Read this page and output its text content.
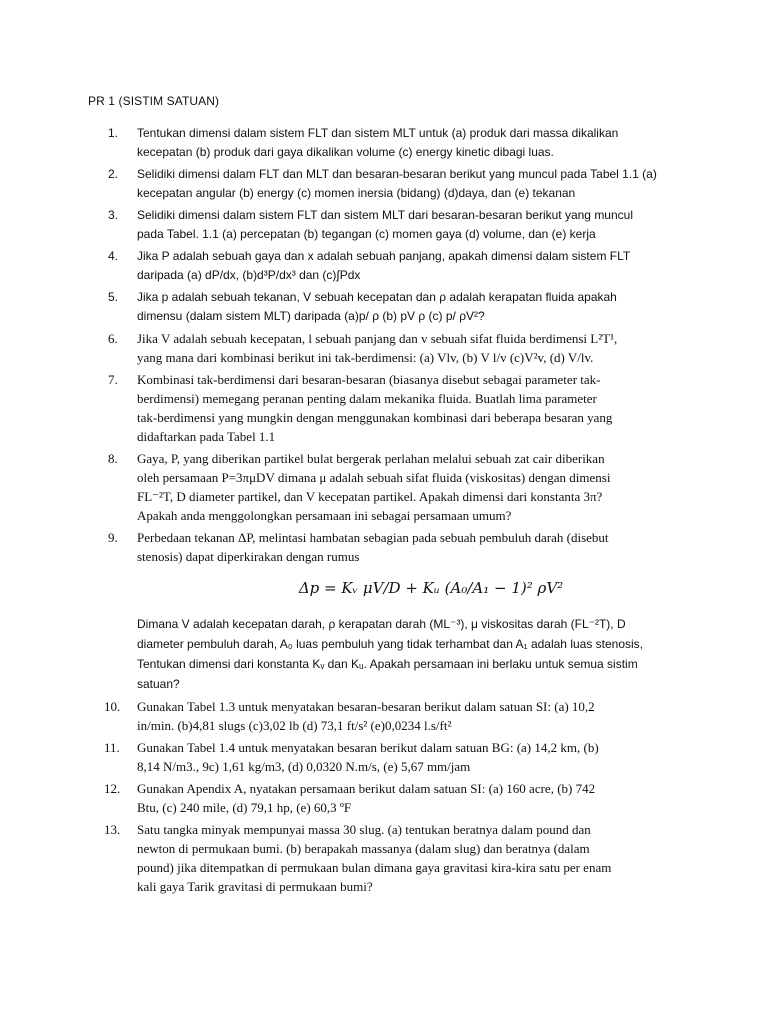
PR 1 (SISTIM SATUAN)
1.	Tentukan dimensi dalam sistem FLT dan sistem MLT untuk (a) produk dari massa dikalikan
kecepatan (b) produk dari gaya dikalikan volume (c) energy kinetic dibagi luas.
2.	Selidiki dimensi dalam FLT dan MLT dan besaran-besaran berikut yang muncul pada Tabel 1.1 (a)
kecepatan angular (b) energy (c) momen inersia (bidang) (d)daya, dan (e) tekanan
3.	Selidiki dimensi dalam sistem FLT dan sistem MLT dari besaran-besaran berikut yang muncul
pada Tabel. 1.1 (a) percepatan (b) tegangan (c) momen gaya (d) volume, dan (e) kerja
4.	Jika P adalah sebuah gaya dan x adalah sebuah panjang, apakah dimensi dalam sistem FLT
daripada (a) dP/dx, (b)d³P/dx³ dan (c)∫Pdx
5.	Jika p adalah sebuah tekanan, V sebuah kecepatan dan ρ adalah kerapatan fluida apakah
dimensu (dalam sistem MLT) daripada (a)p/ ρ (b) pV ρ (c) p/ ρV²?
6.	Jika V adalah sebuah kecepatan, l sebuah panjang dan v sebuah sifat fluida berdimensi L²T¹,
yang mana dari kombinasi berikut ini tak-berdimensi: (a) Vlv, (b) V l/v (c)V²v, (d) V/lv.
7.	Kombinasi tak-berdimensi dari besaran-besaran (biasanya disebut sebagai parameter tak-
berdimensi) memegang peranan penting dalam mekanika fluida. Buatlah lima parameter
tak-berdimensi yang mungkin dengan menggunakan kombinasi dari beberapa besaran yang
didaftarkan pada Tabel 1.1
8.	Gaya, P, yang diberikan partikel bulat bergerak perlahan melalui sebuah zat cair diberikan
oleh persamaan P=3πμDV dimana μ adalah sebuah sifat fluida (viskositas) dengan dimensi
FL⁻²T, D diameter partikel, dan V kecepatan partikel. Apakah dimensi dari konstanta 3π?
Apakah anda menggolongkan persamaan ini sebagai persamaan umum?
9.	Perbedaan tekanan ΔP, melintasi hambatan sebagian pada sebuah pembuluh darah (disebut
stenosis) dapat diperkirakan dengan rumus
Δp = Kᵥ μV/D + Kᵤ (A₀/A₁ − 1)² ρV²
Dimana V adalah kecepatan darah, ρ kerapatan darah (ML⁻³), μ viskositas darah (FL⁻²T), D
diameter pembuluh darah, A₀ luas pembuluh yang tidak terhambat dan A₁ adalah luas stenosis,
Tentukan dimensi dari konstanta Kᵥ dan Kᵤ. Apakah persamaan ini berlaku untuk semua sistim
satuan?
10.	Gunakan Tabel 1.3 untuk menyatakan besaran-besaran berikut dalam satuan SI: (a) 10,2
in/min. (b)4,81 slugs (c)3,02 lb (d) 73,1 ft/s² (e)0,0234 l.s/ft²
11.	Gunakan Tabel 1.4 untuk menyatakan besaran berikut dalam satuan BG: (a) 14,2 km, (b)
8,14 N/m3., 9c) 1,61 kg/m3, (d) 0,0320 N.m/s, (e) 5,67 mm/jam
12.	Gunakan Apendix A, nyatakan persamaan berikut dalam satuan SI: (a) 160 acre, (b) 742
Btu, (c) 240 mile, (d) 79,1 hp, (e) 60,3 ºF
13.	Satu tangka minyak mempunyai massa 30 slug. (a) tentukan beratnya dalam pound dan
newton di permukaan bumi. (b) berapakah massanya (dalam slug) dan beratnya (dalam
pound) jika ditempatkan di permukaan bulan dimana gaya gravitasi kira-kira satu per enam
kali gaya Tarik gravitasi di permukaan bumi?
